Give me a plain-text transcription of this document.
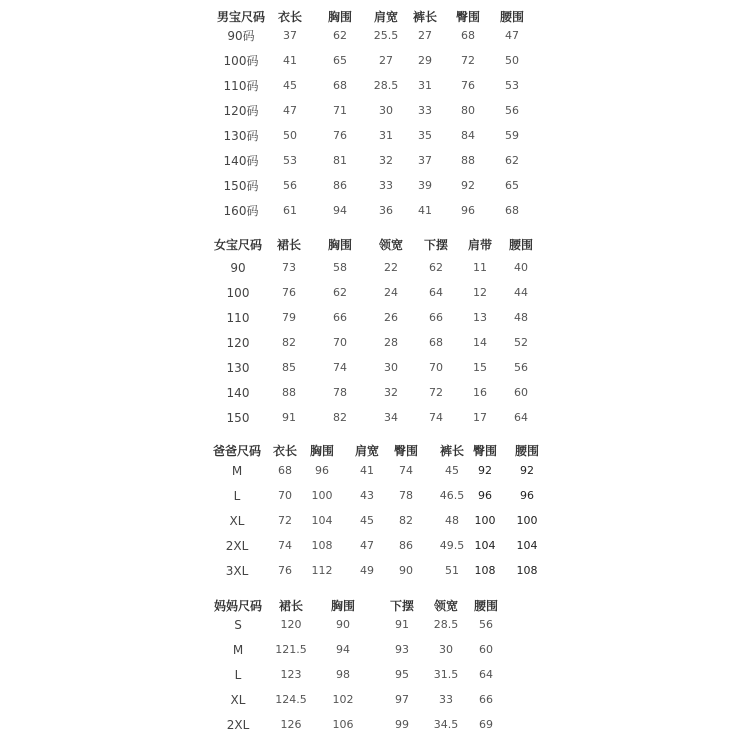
男宝尺码 衣长 胸围 肩宽 裤长 臀围 腰围
90码	37	62 25.5 27	68	47
100码 41	65	27 29	72	50
110码 45	68 28.5 31	76	53
120码 47	71	30 33	80	56
130码 50	76	31 35	84	59
140码 53	81	32 37	88	62
150码 56	86	33 39	92	65
160码 61	94	36 41	96	68
女宝尺码 裙长 胸围 领宽 下摆 肩带 腰围
90	73	58	22	62	11 40
100	76	62	24	64	12 44
110	79	66	26	66	13 48
120	82	70	28	68	14 52
130	85	74	30	70	15 56
140	88	78	32	72	16 60
150	91	82	34	74	17 64
爸爸尺码 衣长 胸围 肩宽 臀围 裤长 臀围 腰围
M	68 96	41 74	45 92	92
L	70 100	43 78 46.5 96	96
XL	72 104	45 82	48 100 100
2XL	74 108	47 86 49.5 104 104
3XL	76 112	49 90	51 108 108
妈妈尺码 裙长 胸围	下摆 领宽 腰围
S	120	90	91 28.5 56
M	121.5	94	93	30 60
L	123	98	95 31.5 64
XL	124.5 102	97	33 66
2XL	126	106	99 34.5 69
